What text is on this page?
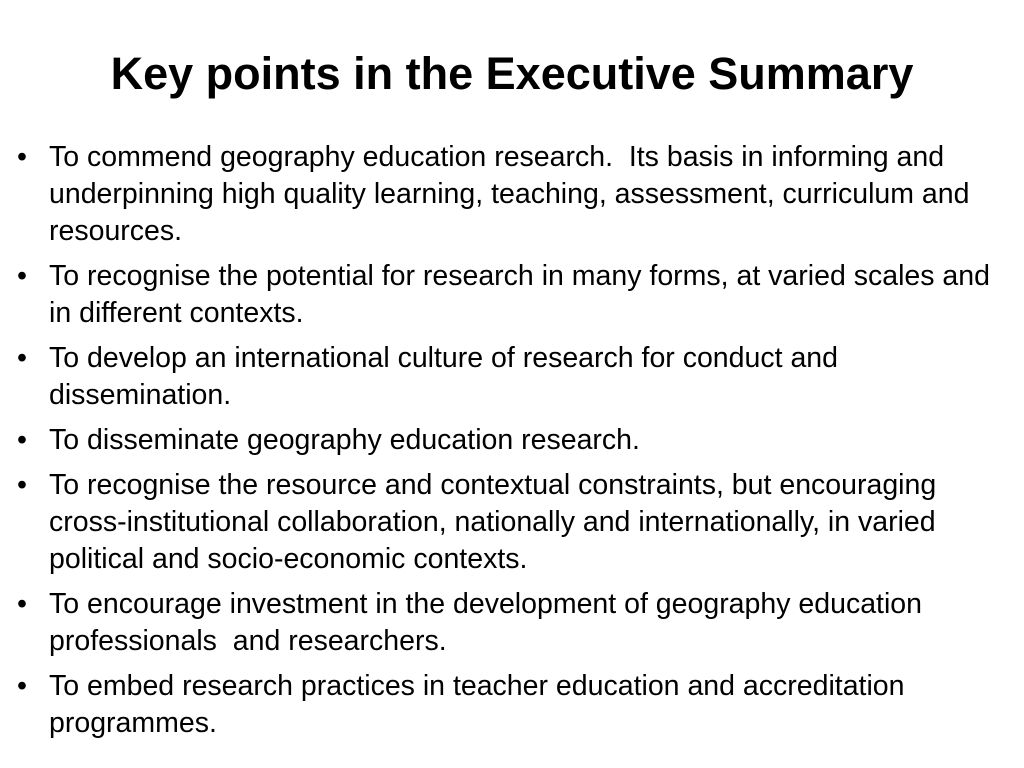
Key points in the Executive Summary
• To commend geography education research.  Its basis in informing and underpinning high quality learning, teaching, assessment, curriculum and resources.
• To recognise the potential for research in many forms, at varied scales and in different contexts.
• To develop an international culture of research for conduct and dissemination.
• To disseminate geography education research.
• To recognise the resource and contextual constraints, but encouraging cross-institutional collaboration, nationally and internationally, in varied political and socio-economic contexts.
• To encourage investment in the development of geography education professionals  and researchers.
• To embed research practices in teacher education and accreditation programmes.
